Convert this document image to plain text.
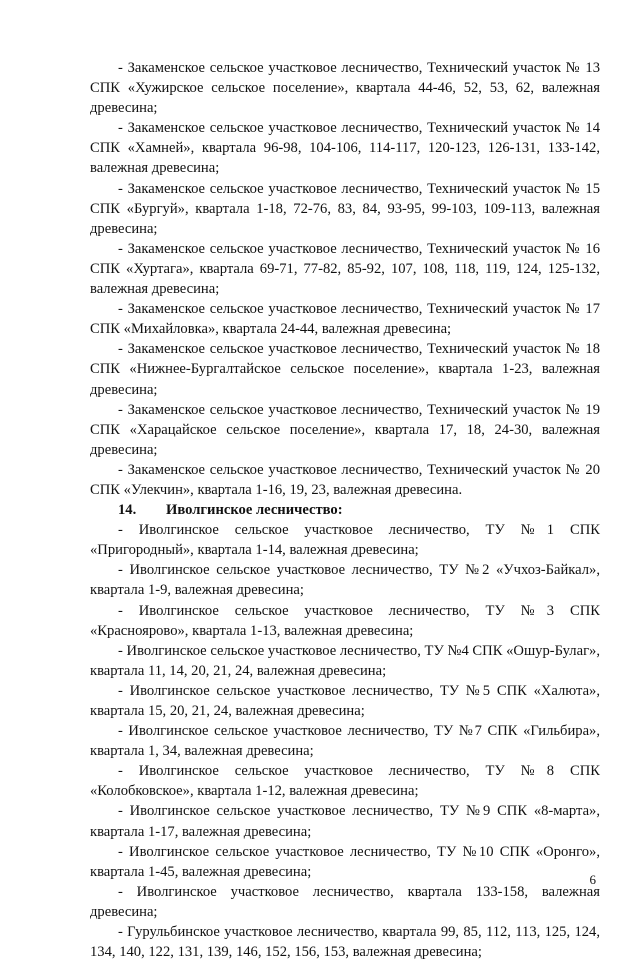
- Закаменское сельское участковое лесничество, Технический участок № 13 СПК «Хужирское сельское поселение», квартала 44-46, 52, 53, 62, валежная древесина;

- Закаменское сельское участковое лесничество, Технический участок № 14 СПК «Хамней», квартала 96-98, 104-106, 114-117, 120-123, 126-131, 133-142, валежная древесина;

- Закаменское сельское участковое лесничество, Технический участок № 15 СПК «Бургуй», квартала 1-18, 72-76, 83, 84, 93-95, 99-103, 109-113, валежная древесина;

- Закаменское сельское участковое лесничество, Технический участок № 16 СПК «Хуртага», квартала 69-71, 77-82, 85-92, 107, 108, 118, 119, 124, 125-132, валежная древесина;

- Закаменское сельское участковое лесничество, Технический участок № 17 СПК «Михайловка», квартала 24-44, валежная древесина;

- Закаменское сельское участковое лесничество, Технический участок № 18 СПК «Нижнее-Бургалтайское сельское поселение», квартала 1-23, валежная древесина;

- Закаменское сельское участковое лесничество, Технический участок № 19 СПК «Харацайское сельское поселение», квартала 17, 18, 24-30, валежная древесина;

- Закаменское сельское участковое лесничество, Технический участок № 20 СПК «Улекчин», квартала 1-16, 19, 23, валежная древесина.

14. Иволгинское лесничество:

- Иволгинское сельское участковое лесничество, ТУ №1 СПК «Пригородный», квартала 1-14, валежная древесина;

- Иволгинское сельское участковое лесничество, ТУ №2 «Учхоз-Байкал», квартала 1-9, валежная древесина;

- Иволгинское сельское участковое лесничество, ТУ №3 СПК «Красноярово», квартала 1-13, валежная древесина;

- Иволгинское сельское участковое лесничество, ТУ №4 СПК «Ошур-Булаг», квартала 11, 14, 20, 21, 24, валежная древесина;

- Иволгинское сельское участковое лесничество, ТУ №5 СПК «Халюта», квартала 15, 20, 21, 24, валежная древесина;

- Иволгинское сельское участковое лесничество, ТУ №7 СПК «Гильбира», квартала 1, 34, валежная древесина;

- Иволгинское сельское участковое лесничество, ТУ №8 СПК «Колобковское», квартала 1-12, валежная древесина;

- Иволгинское сельское участковое лесничество, ТУ №9 СПК «8-марта», квартала 1-17, валежная древесина;

- Иволгинское сельское участковое лесничество, ТУ №10 СПК «Оронго», квартала 1-45, валежная древесина;

- Иволгинское участковое лесничество, квартала 133-158, валежная древесина;

- Гурульбинское участковое лесничество, квартала 99, 85, 112, 113, 125, 124, 134, 140, 122, 131, 139, 146, 152, 156, 153, валежная древесина;

6
